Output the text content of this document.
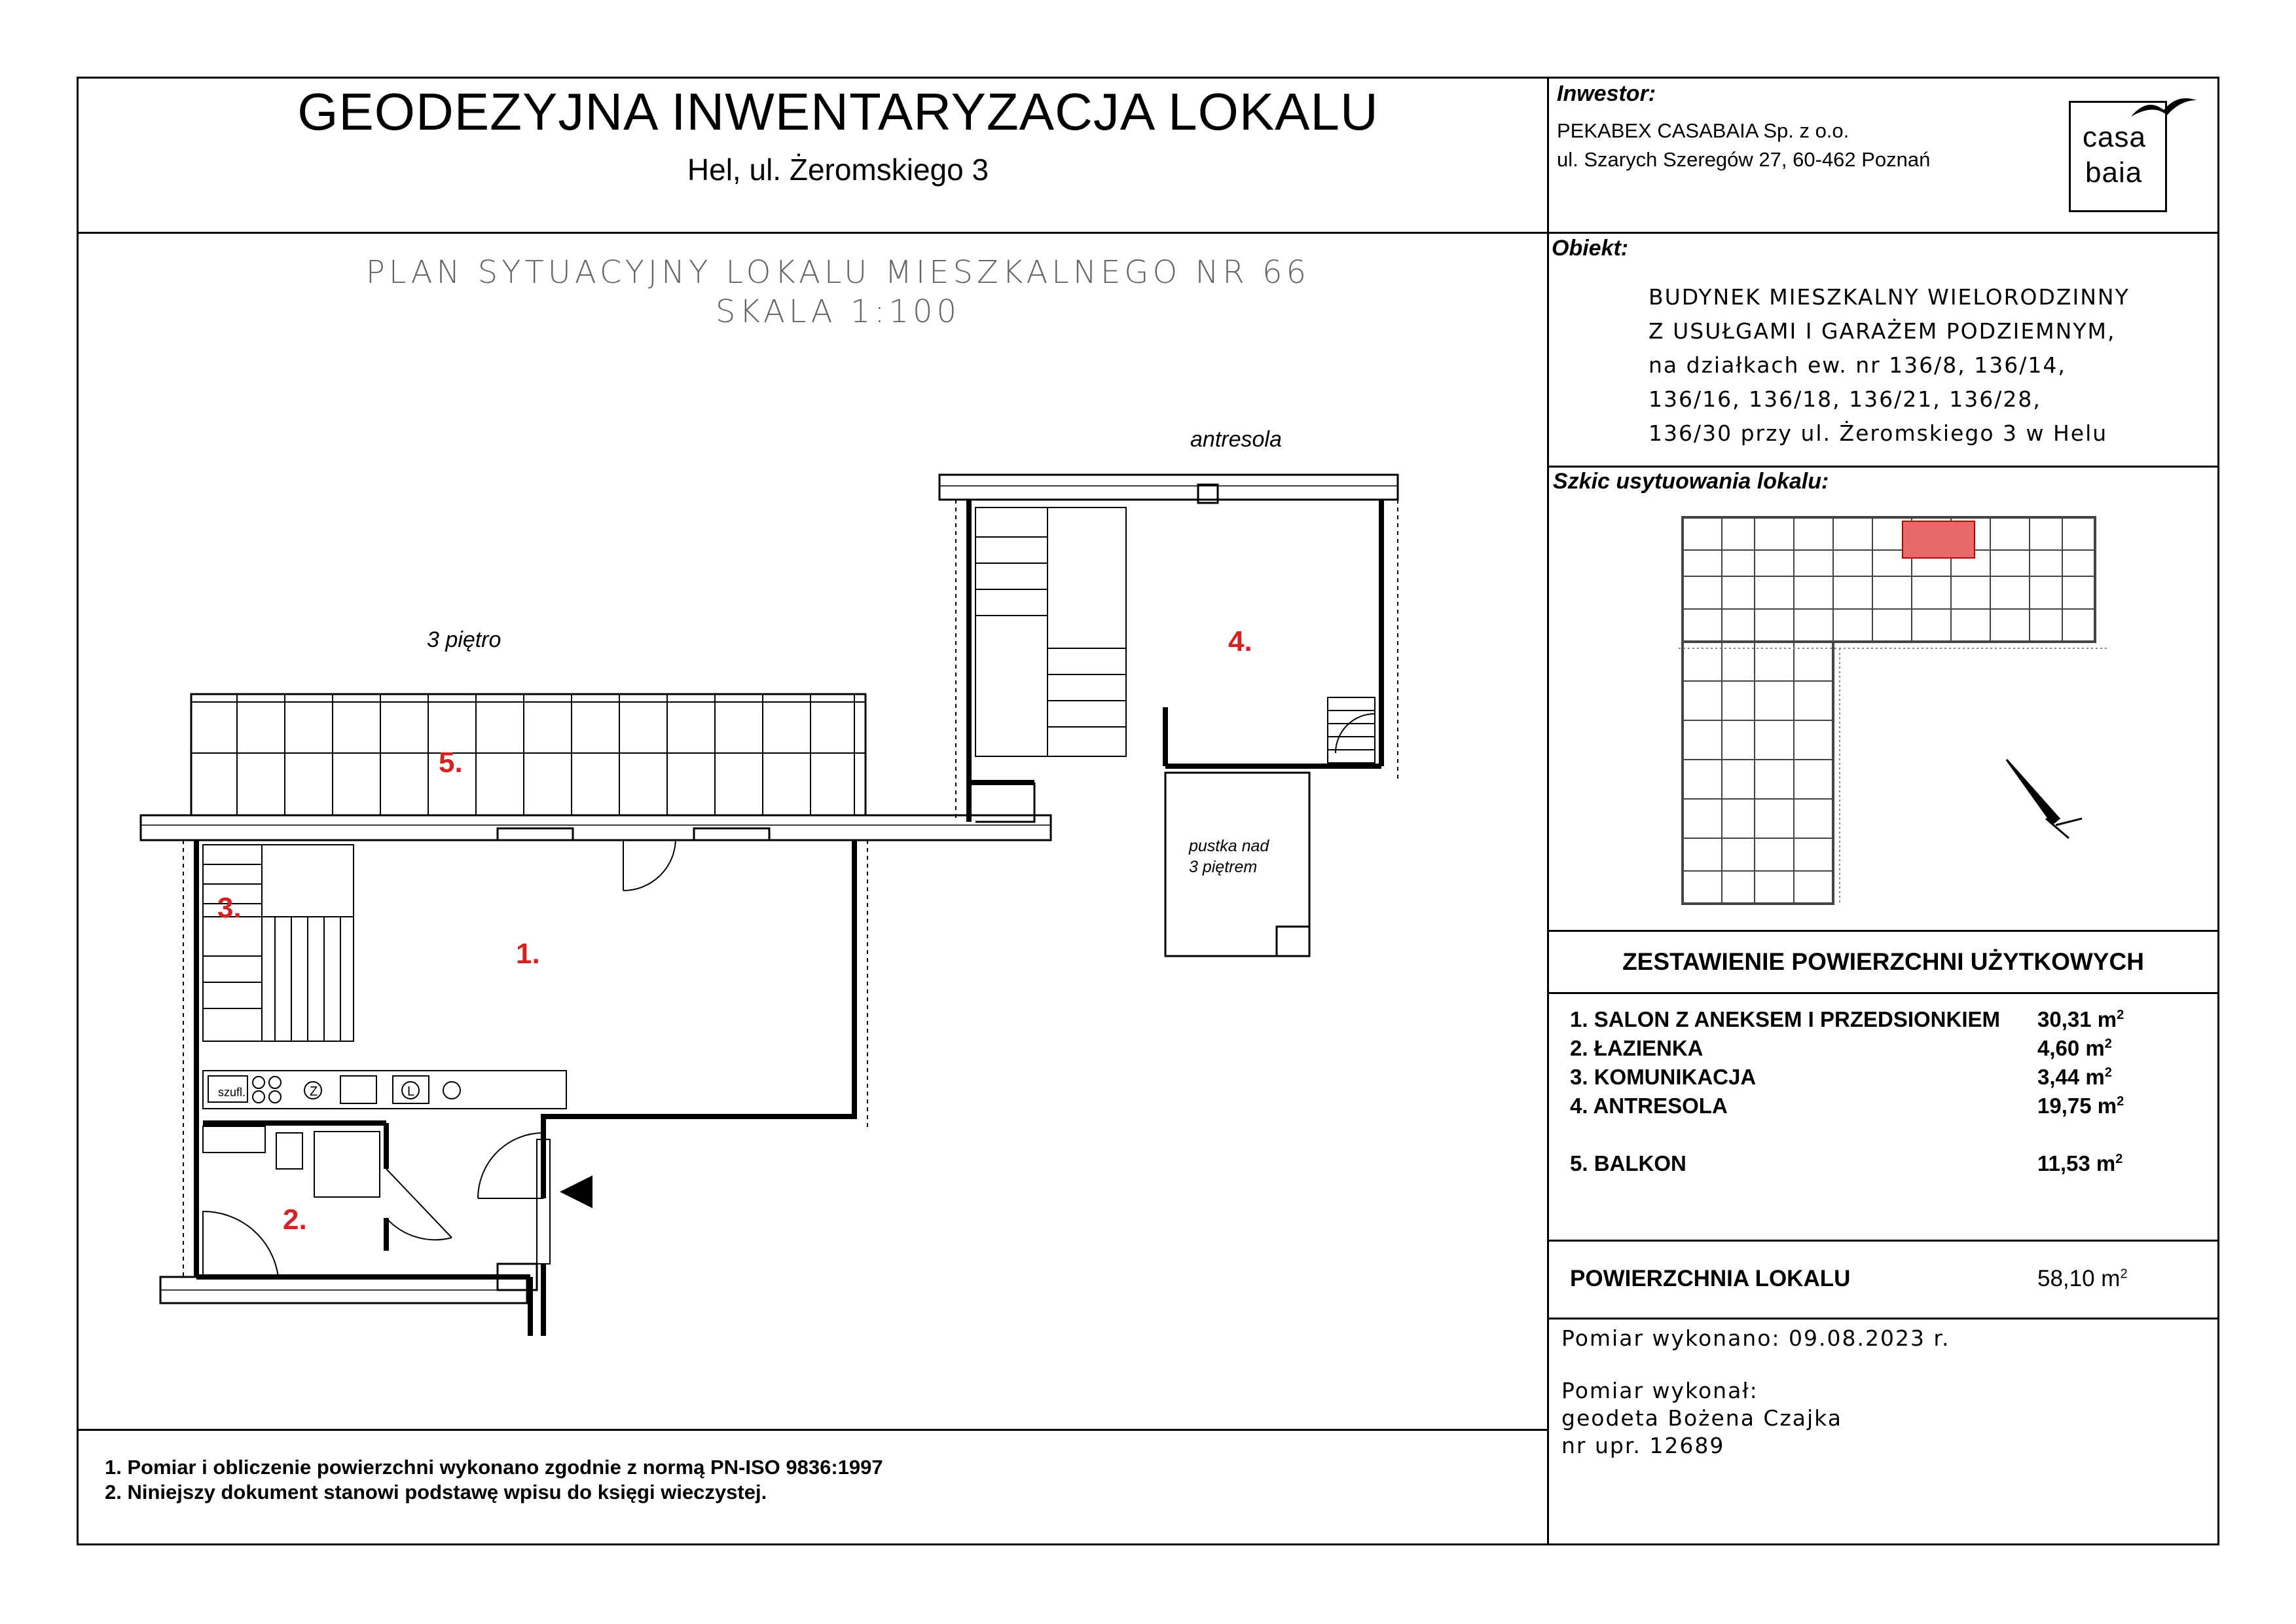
GEODEZYJNA INWENTARYZACJA LOKALU
Hel, ul. Żeromskiego 3
Inwestor:
PEKABEX CASABAIA Sp. z o.o.
ul. Szarych Szeregów 27, 60-462 Poznań
casa
baia
PLAN SYTUACYJNY LOKALU MIESZKALNEGO NR 66
SKALA 1:100
antresola
3 piętro
1.
2.
3.
4.
5.
szufl.	Z	L
pustka nad
3 piętrem
Obiekt:
BUDYNEK MIESZKALNY WIELORODZINNY
Z USUŁGAMI I GARAŻEM PODZIEMNYM,
na działkach ew. nr 136/8, 136/14,
136/16, 136/18, 136/21, 136/28,
136/30 przy ul. Żeromskiego 3 w Helu
Szkic usytuowania lokalu:
ZESTAWIENIE POWIERZCHNI UŻYTKOWYCH
1. SALON Z ANEKSEM I PRZEDSIONKIEM 30,31 $m^2$
2. ŁAZIENKA	4,60 $m^2$
3. KOMUNIKACJA	3,44 $m^2$
4. ANTRESOLA	19,75 $m^2$
5. BALKON	11,53 $m^2$
POWIERZCHNIA LOKALU	58,10 $m^2$
Pomiar wykonano: 09.08.2023 r.
Pomiar wykonał:
geodeta Bożena Czajka
nr upr. 12689
1. Pomiar i obliczenie powierzchni wykonano zgodnie z normą PN-ISO 9836:1997
2. Niniejszy dokument stanowi podstawę wpisu do księgi wieczystej.
